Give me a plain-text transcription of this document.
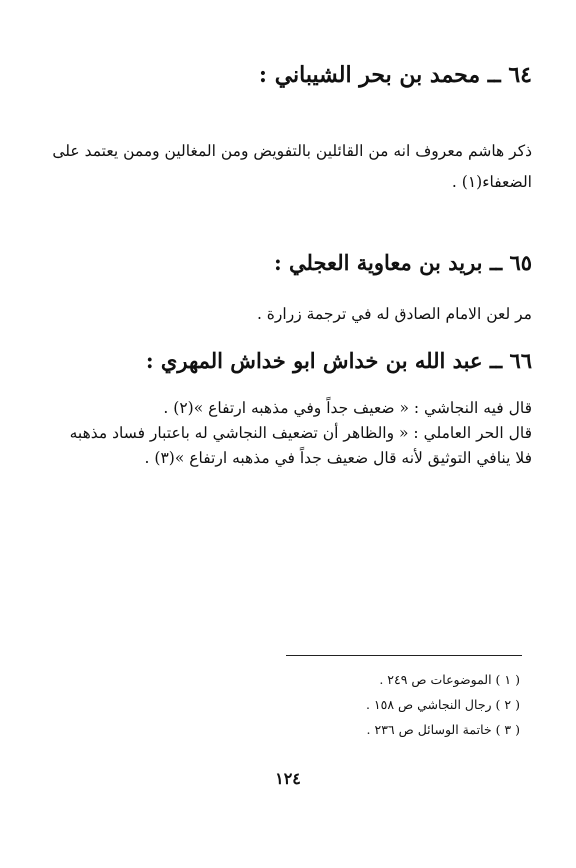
٦٤ ــ محمد بن بحر الشيباني :
ذكر هاشم معروف انه من القائلين بالتفويض ومن المغالين وممن يعتمد على
الضعفاء(١) .
٦٥ ــ بريد بن معاوية العجلي :
مر لعن الامام الصادق له في ترجمة زرارة .
٦٦ ــ عبد الله بن خداش ابو خداش المهري :
قال فيه النجاشي : « ضعيف جداً وفي مذهبه ارتفاع »(٢) .
قال الحر العاملي : « والظاهر أن تضعيف النجاشي له باعتبار فساد مذهبه
فلا ينافي التوثيق لأنه قال ضعيف جداً في مذهبه ارتفاع »(٣) .
( ١ ) الموضوعات ص ٢٤٩ .
( ٢ ) رجال النجاشي ص ١٥٨ .
( ٣ ) خاتمة الوسائل ص ٢٣٦ .
١٢٤
